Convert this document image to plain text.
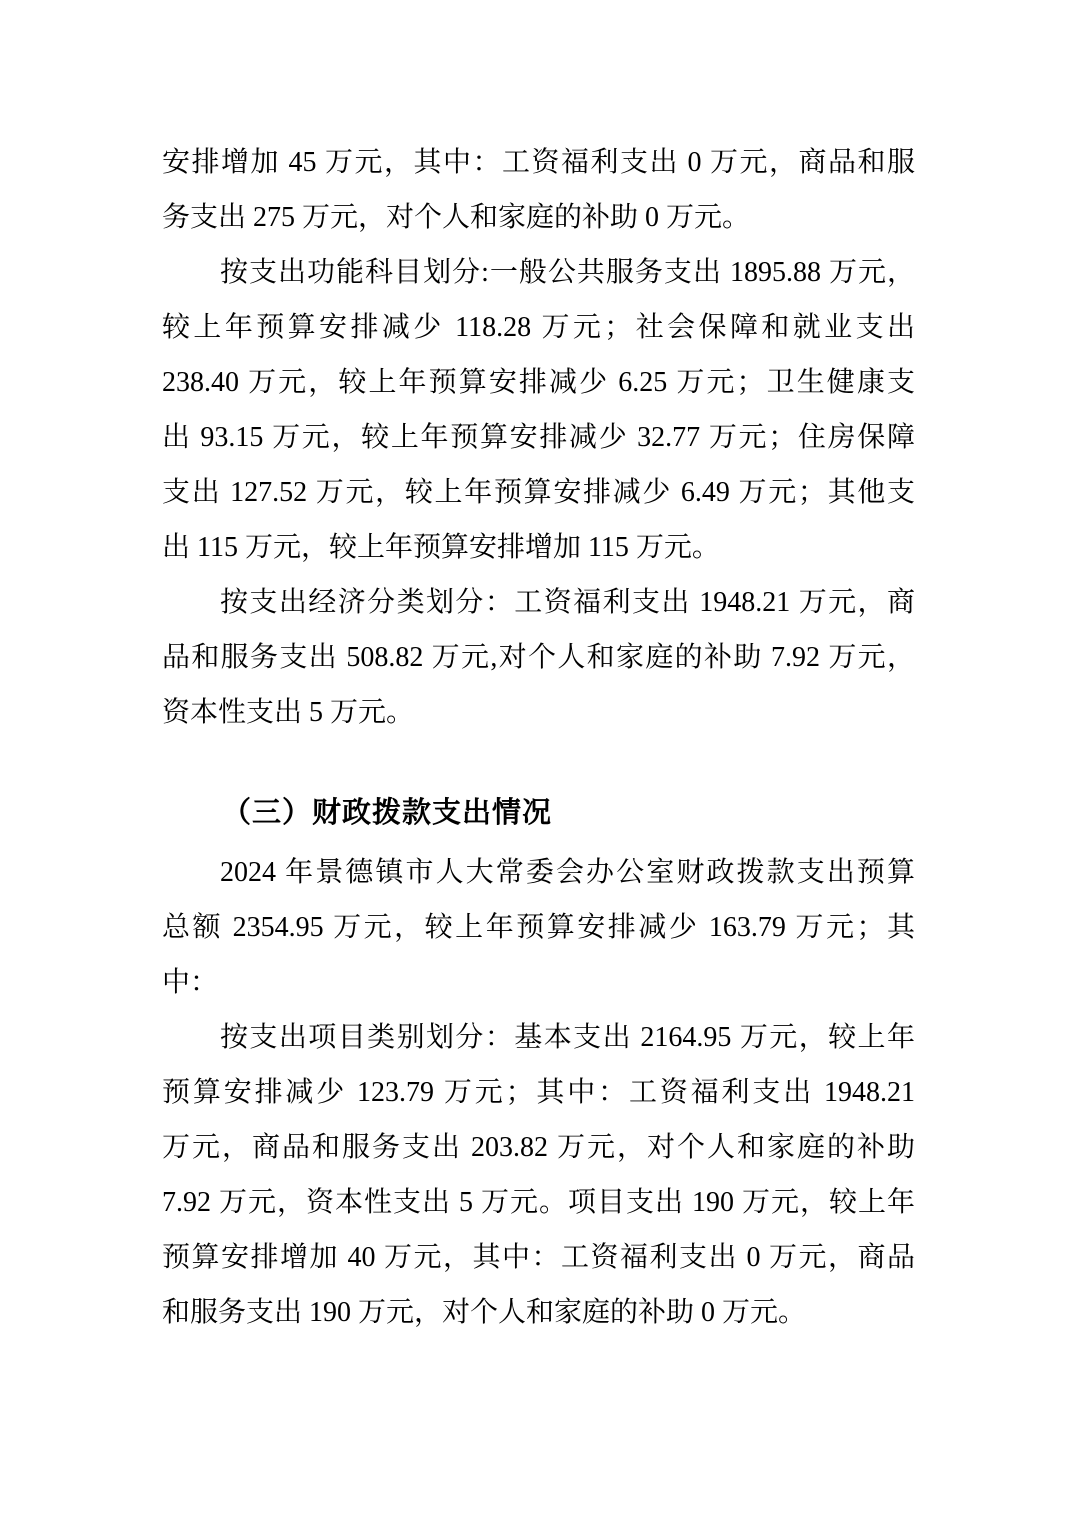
安排增加 45 万元，其中：工资福利支出 0 万元，商品和服
务支出 275 万元，对个人和家庭的补助 0 万元。
按支出功能科目划分:一般公共服务支出 1895.88 万元，
较上年预算安排减少 118.28 万元；社会保障和就业支出
238.40 万元，较上年预算安排减少 6.25 万元；卫生健康支
出 93.15 万元，较上年预算安排减少 32.77 万元；住房保障
支出 127.52 万元，较上年预算安排减少 6.49 万元；其他支
出 115 万元，较上年预算安排增加 115 万元。
按支出经济分类划分：工资福利支出 1948.21 万元，商
品和服务支出 508.82 万元,对个人和家庭的补助 7.92 万元，
资本性支出 5 万元。
（三）财政拨款支出情况
2024 年景德镇市人大常委会办公室财政拨款支出预算
总额 2354.95 万元，较上年预算安排减少 163.79 万元；其
中：
按支出项目类别划分：基本支出 2164.95 万元，较上年
预算安排减少 123.79 万元；其中：工资福利支出 1948.21
万元，商品和服务支出 203.82 万元，对个人和家庭的补助
7.92 万元，资本性支出 5 万元。项目支出 190 万元，较上年
预算安排增加 40 万元，其中：工资福利支出 0 万元，商品
和服务支出 190 万元，对个人和家庭的补助 0 万元。
